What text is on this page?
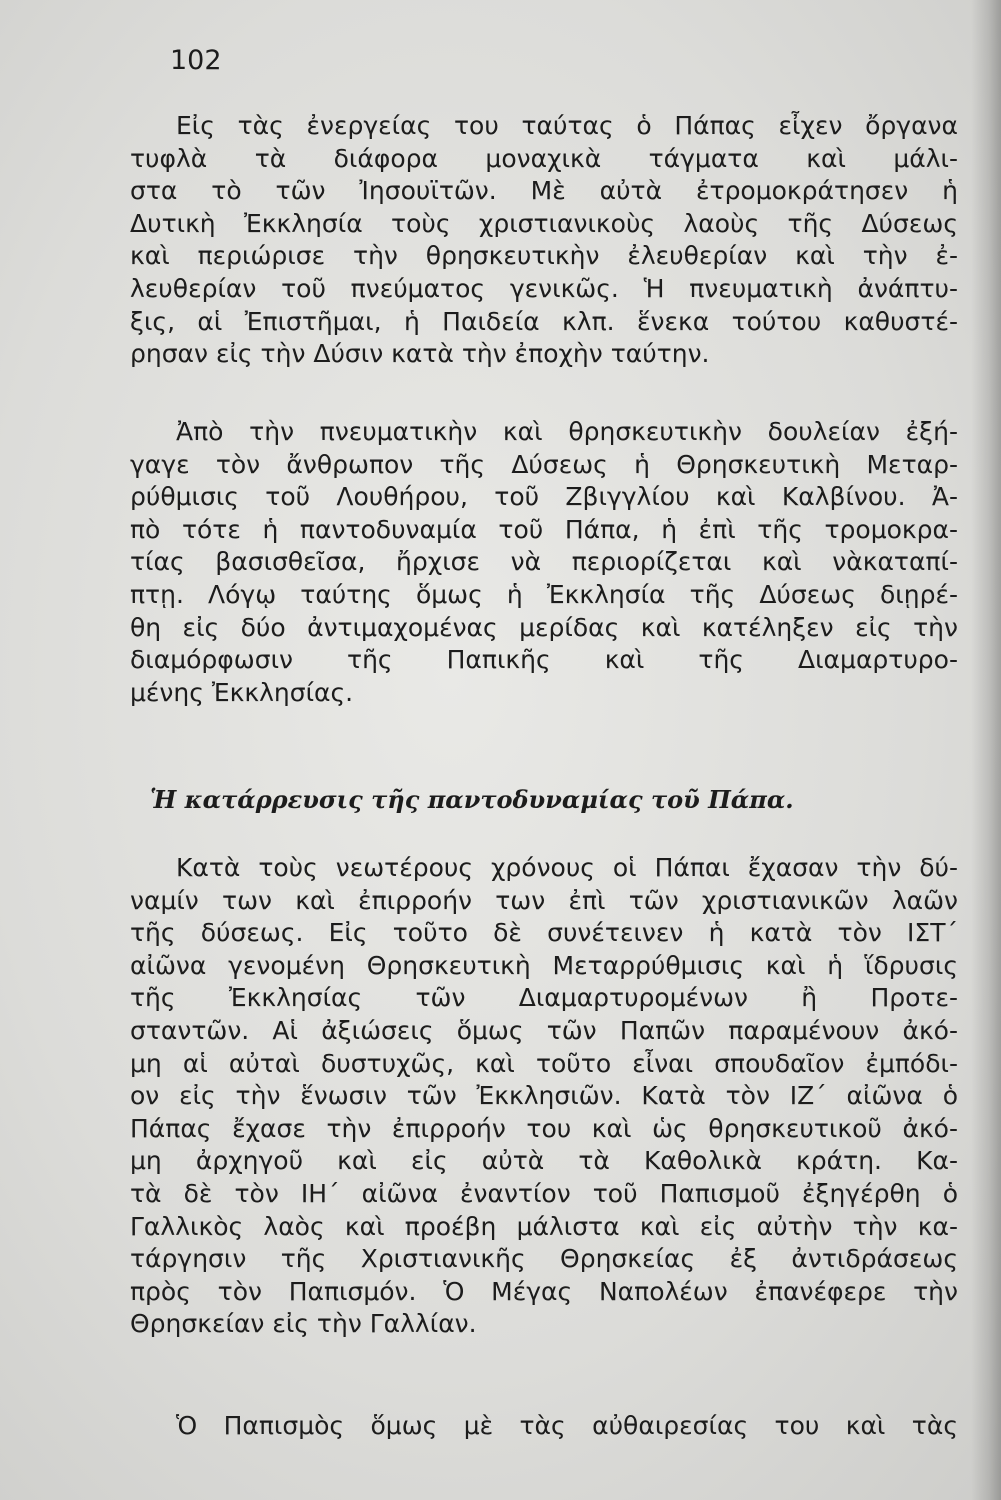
102
Εἰς τὰς ἐνεργείας του ταύτας ὁ Πάπας εἶχεν ὄργανα
τυφλὰ τὰ διάφορα μοναχικὰ τάγματα καὶ μάλι-
στα τὸ τῶν Ἰησουϊτῶν. Μὲ αὐτὰ ἐτρομοκράτησεν ἡ
Δυτικὴ Ἐκκλησία τοὺς χριστιανικοὺς λαοὺς τῆς Δύσεως
καὶ περιώρισε τὴν θρησκευτικὴν ἐλευθερίαν καὶ τὴν ἐ-
λευθερίαν τοῦ πνεύματος γενικῶς. Ἡ πνευματικὴ ἀνάπτυ-
ξις, αἱ Ἐπιστῆμαι, ἡ Παιδεία κλπ. ἕνεκα τούτου καθυστέ-
ρησαν εἰς τὴν Δύσιν κατὰ τὴν ἐποχὴν ταύτην.
Ἀπὸ τὴν πνευματικὴν καὶ θρησκευτικὴν δουλείαν ἐξή-
γαγε τὸν ἄνθρωπον τῆς Δύσεως ἡ Θρησκευτικὴ Μεταρ-
ρύθμισις τοῦ Λουθήρου, τοῦ Ζβιγγλίου καὶ Καλβίνου. Ἀ-
πὸ τότε ἡ παντοδυναμία τοῦ Πάπα, ἡ ἐπὶ τῆς τρομοκρα-
τίας βασισθεῖσα, ἤρχισε νὰ περιορίζεται καὶ νὰκαταπί-
πτῃ. Λόγῳ ταύτης ὅμως ἡ Ἐκκλησία τῆς Δύσεως διῃρέ-
θη εἰς δύο ἀντιμαχομένας μερίδας καὶ κατέληξεν εἰς τὴν
διαμόρφωσιν τῆς Παπικῆς καὶ τῆς Διαμαρτυρο-
μένης Ἐκκλησίας.
Ἡ κατάρρευσις τῆς παντοδυναμίας τοῦ Πάπα.
Κατὰ τοὺς νεωτέρους χρόνους οἱ Πάπαι ἔχασαν τὴν δύ-
ναμίν των καὶ ἐπιρροήν των ἐπὶ τῶν χριστιανικῶν λαῶν
τῆς δύσεως. Εἰς τοῦτο δὲ συνέτεινεν ἡ κατὰ τὸν ΙΣΤ΄
αἰῶνα γενομένη Θρησκευτικὴ Μεταρρύθμισις καὶ ἡ ἵδρυσις
τῆς Ἐκκλησίας τῶν Διαμαρτυρομένων ἢ Προτε-
σταντῶν. Αἱ ἀξιώσεις ὅμως τῶν Παπῶν παραμένουν ἀκό-
μη αἱ αὐταὶ δυστυχῶς, καὶ τοῦτο εἶναι σπουδαῖον ἐμπόδι-
ον εἰς τὴν ἕνωσιν τῶν Ἐκκλησιῶν. Κατὰ τὸν ΙΖ΄ αἰῶνα ὁ
Πάπας ἔχασε τὴν ἐπιρροήν του καὶ ὡς θρησκευτικοῦ ἀκό-
μη ἀρχηγοῦ καὶ εἰς αὐτὰ τὰ Καθολικὰ κράτη. Κα-
τὰ δὲ τὸν ΙΗ΄ αἰῶνα ἐναντίον τοῦ Παπισμοῦ ἐξηγέρθη ὁ
Γαλλικὸς λαὸς καὶ προέβη μάλιστα καὶ εἰς αὐτὴν τὴν κα-
τάργησιν τῆς Χριστιανικῆς Θρησκείας ἐξ ἀντιδράσεως
πρὸς τὸν Παπισμόν. Ὁ Μέγας Ναπολέων ἐπανέφερε τὴν
Θρησκείαν εἰς τὴν Γαλλίαν.
Ὁ Παπισμὸς ὅμως μὲ τὰς αὐθαιρεσίας του καὶ τὰς
